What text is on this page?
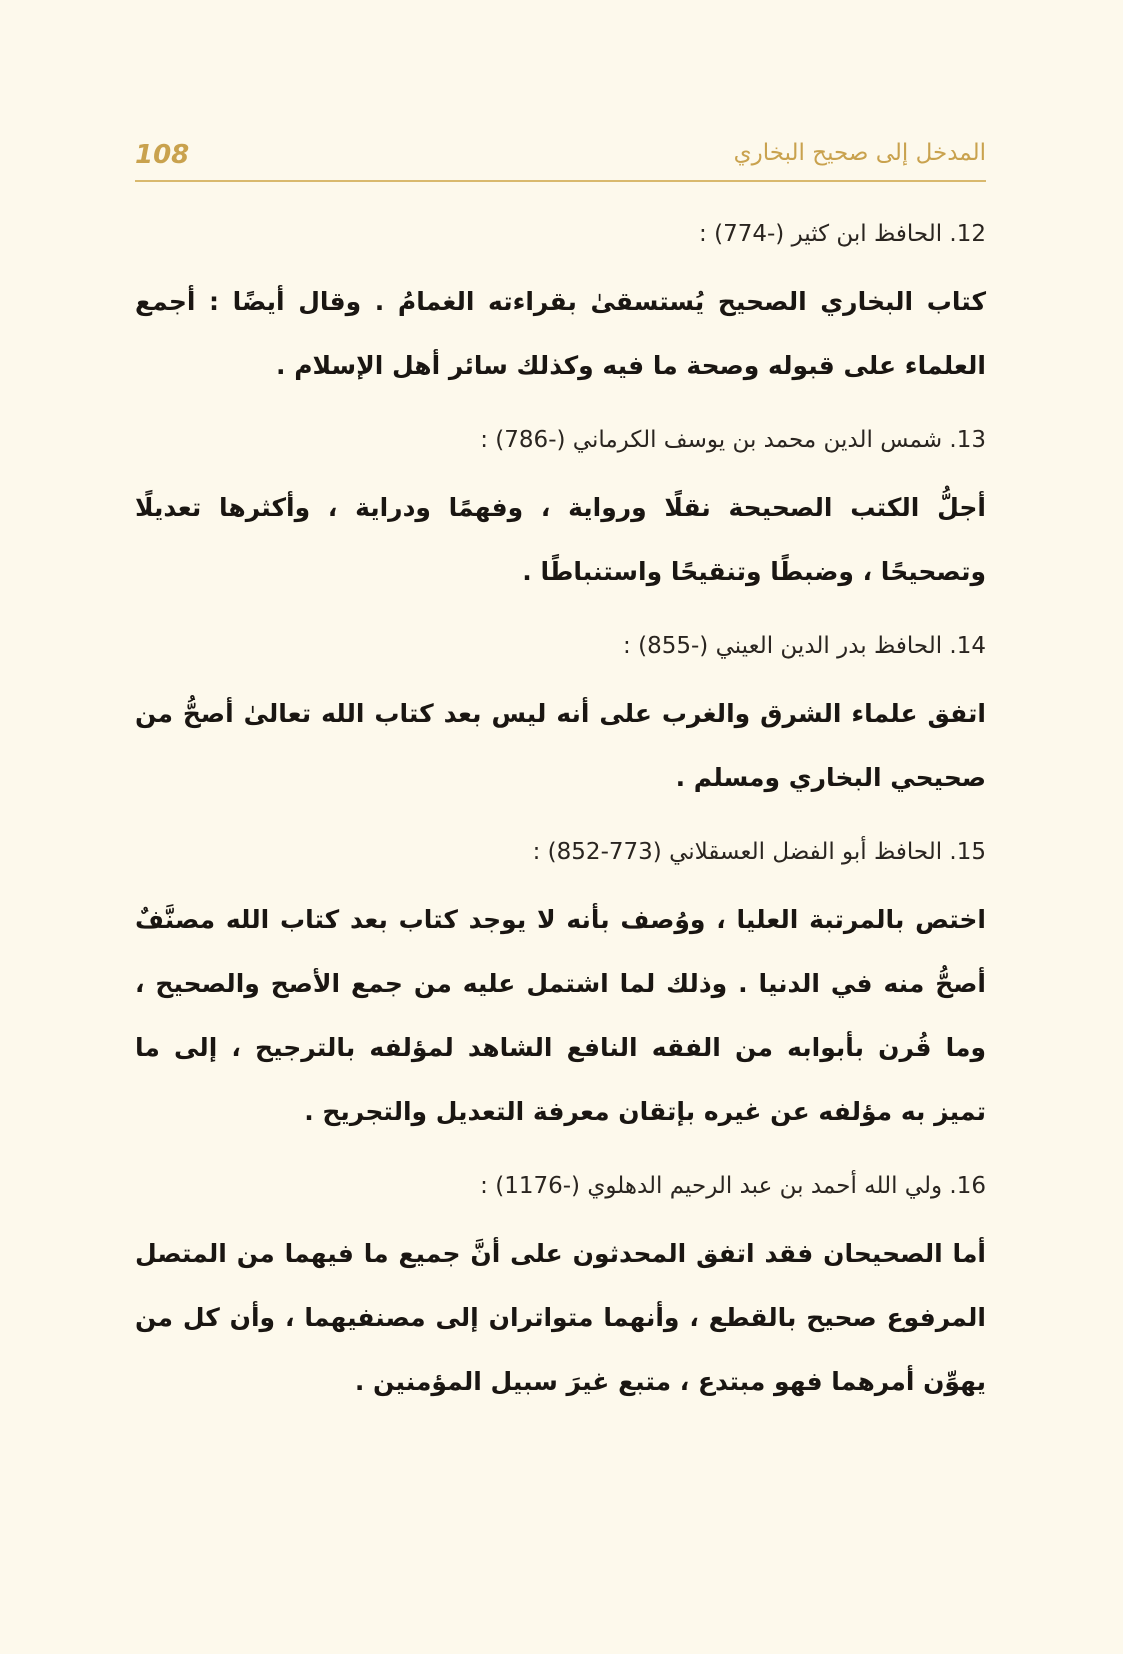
108	المدخل إلى صحيح البخاري
12. الحافظ ابن كثير (-774) :
كتاب البخاري الصحيح يُستسقىٰ بقراءته الغمامُ . وقال أيضًا : أجمع العلماء على قبوله وصحة ما فيه وكذلك سائر أهل الإسلام .
13. شمس الدين محمد بن يوسف الكرماني (-786) :
أجلُّ الكتب الصحيحة نقلًا ورواية ، وفهمًا ودراية ، وأكثرها تعديلًا وتصحيحًا ، وضبطًا وتنقيحًا واستنباطًا .
14. الحافظ بدر الدين العيني (-855) :
اتفق علماء الشرق والغرب على أنه ليس بعد كتاب الله تعالىٰ أصحُّ من صحيحي البخاري ومسلم .
15. الحافظ أبو الفضل العسقلاني (773-852) :
اختص بالمرتبة العليا ، ووُصف بأنه لا يوجد كتاب بعد كتاب الله مصنَّفٌ أصحُّ منه في الدنيا . وذلك لما اشتمل عليه من جمع الأصح والصحيح ، وما قُرن بأبوابه من الفقه النافع الشاهد لمؤلفه بالترجيح ، إلى ما تميز به مؤلفه عن غيره بإتقان معرفة التعديل والتجريح .
16. ولي الله أحمد بن عبد الرحيم الدهلوي (-1176) :
أما الصحيحان فقد اتفق المحدثون على أنَّ جميع ما فيهما من المتصل المرفوع صحيح بالقطع ، وأنهما متواتران إلى مصنفيهما ، وأن كل من يهوِّن أمرهما فهو مبتدع ، متبع غيرَ سبيل المؤمنين .
